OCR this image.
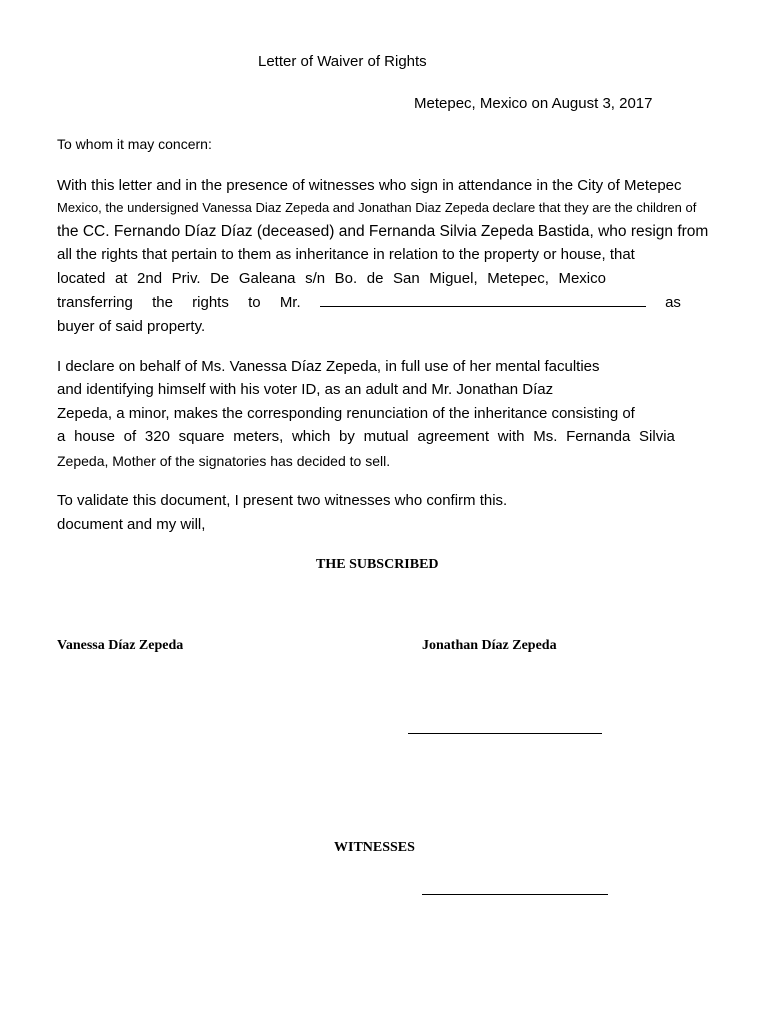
Letter of Waiver of Rights
Metepec, Mexico on August 3, 2017
To whom it may concern:
With this letter and in the presence of witnesses who sign in attendance in the City of Metepec
Mexico, the undersigned Vanessa Diaz Zepeda and Jonathan Diaz Zepeda declare that they are the children of
the CC. Fernando Díaz Díaz (deceased) and Fernanda Silvia Zepeda Bastida, who resign from
all the rights that pertain to them as inheritance in relation to the property or house, that
located at 2nd Priv. De Galeana s/n Bo. de San Miguel, Metepec, Mexico
transferring the rights to Mr.	as
buyer of said property.
I declare on behalf of Ms. Vanessa Díaz Zepeda, in full use of her mental faculties
and identifying himself with his voter ID, as an adult and Mr. Jonathan Díaz
Zepeda, a minor, makes the corresponding renunciation of the inheritance consisting of
a house of 320 square meters, which by mutual agreement with Ms. Fernanda Silvia
Zepeda, Mother of the signatories has decided to sell.
To validate this document, I present two witnesses who confirm this.
document and my will,
THE SUBSCRIBED
Vanessa Díaz Zepeda	Jonathan Díaz Zepeda
WITNESSES
